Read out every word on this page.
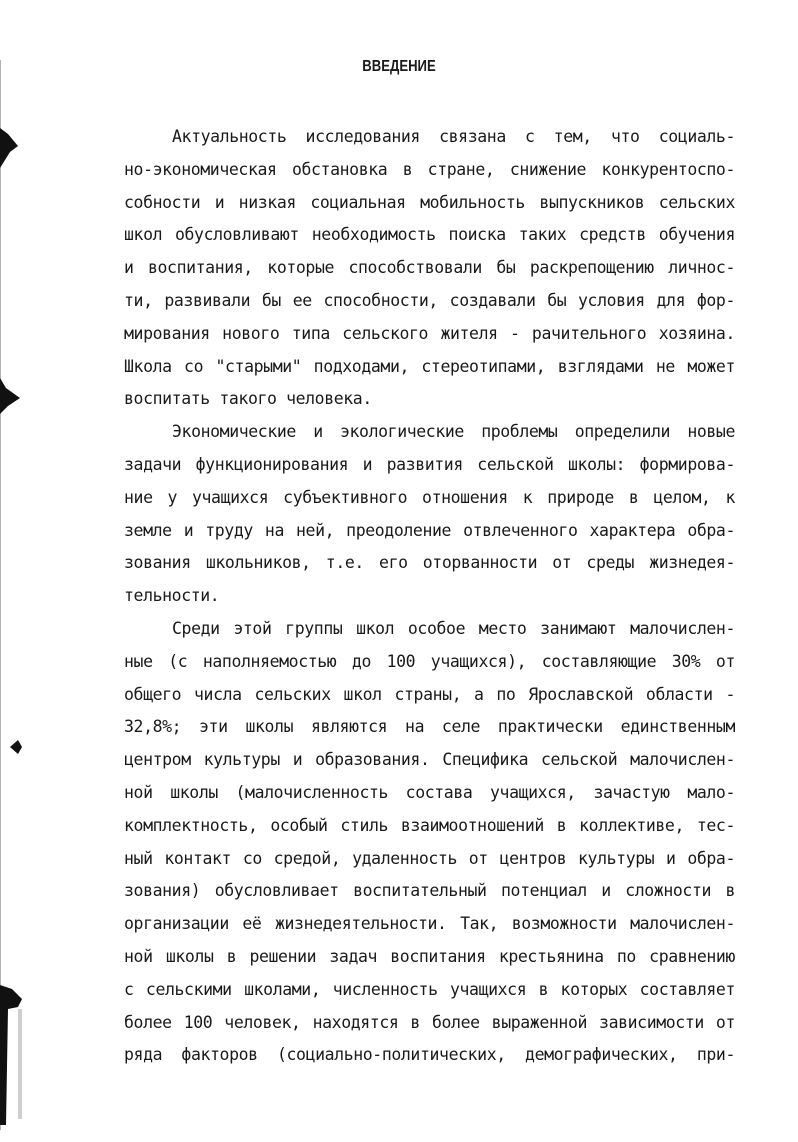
ВВЕДЕНИЕ
Актуальность исследования связана с тем, что социаль-
но-экономическая обстановка в стране, снижение конкурентоспо-
собности и низкая социальная мобильность выпускников сельских
школ обусловливают необходимость поиска таких средств обучения
и воспитания, которые способствовали бы раскрепощению личнос-
ти, развивали бы ее способности, создавали бы условия для фор-
мирования нового типа сельского жителя - рачительного хозяина.
Школа со "старыми" подходами, стереотипами, взглядами не может
воспитать такого человека.
Экономические и экологические проблемы определили новые
задачи функционирования и развития сельской школы: формирова-
ние у учащихся субъективного отношения к природе в целом, к
земле и труду на ней, преодоление отвлеченного характера обра-
зования школьников, т.е. его оторванности от среды жизнедея-
тельности.
Среди этой группы школ особое место занимают малочислен-
ные (с наполняемостью до 100 учащихся), составляющие 30% от
общего числа сельских школ страны, а по Ярославской области -
32,8%; эти школы являются на селе практически единственным
центром культуры и образования. Специфика сельской малочислен-
ной школы (малочисленность состава учащихся, зачастую мало-
комплектность, особый стиль взаимоотношений в коллективе, тес-
ный контакт со средой, удаленность от центров культуры и обра-
зования) обусловливает воспитательный потенциал и сложности в
организации её жизнедеятельности. Так, возможности малочислен-
ной школы в решении задач воспитания крестьянина по сравнению
с сельскими школами, численность учащихся в которых составляет
более 100 человек, находятся в более выраженной зависимости от
ряда факторов (социально-политических, демографических, при-
